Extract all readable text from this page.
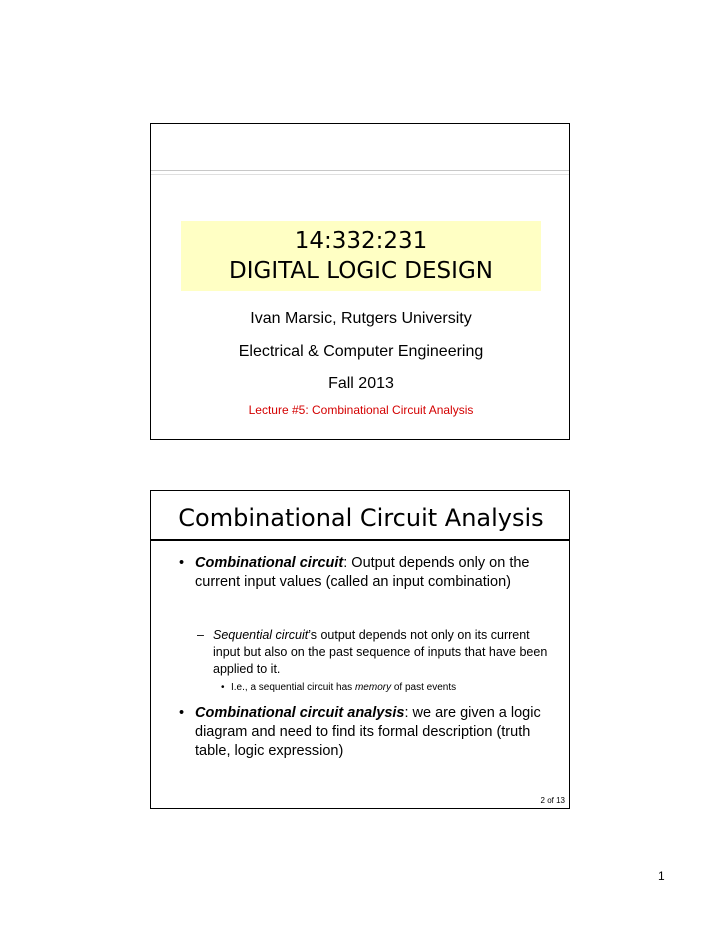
14:332:231
DIGITAL LOGIC DESIGN
Ivan Marsic, Rutgers University
Electrical & Computer Engineering
Fall 2013
Lecture #5: Combinational Circuit Analysis
Combinational Circuit Analysis
• Combinational circuit: Output depends only on the current input values (called an input combination)
– Sequential circuit’s output depends not only on its current input but also on the past sequence of inputs that have been applied to it.
• I.e., a sequential circuit has memory of past events
• Combinational circuit analysis: we are given a logic diagram and need to find its formal description (truth table, logic expression)
2 of 13
1
